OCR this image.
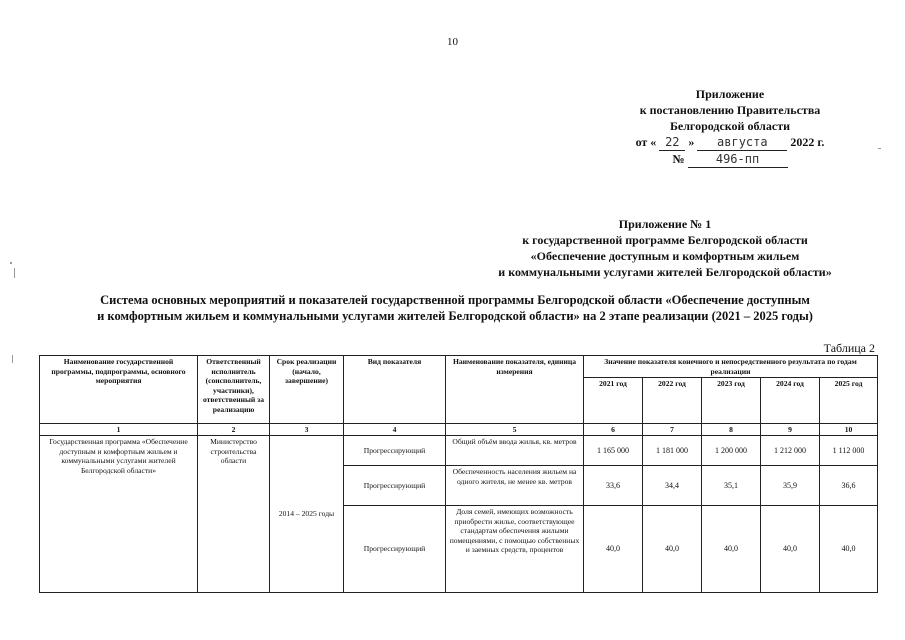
10
Приложение
к постановлению Правительства
Белгородской области
от « 22 » августа 2022 г.
№	496-пп
Приложение № 1
к государственной программе Белгородской области
«Обеспечение доступным и комфортным жильем
и коммунальными услугами жителей Белгородской области»
Система основных мероприятий и показателей государственной программы Белгородской области «Обеспечение доступным
и комфортным жильем и коммунальными услугами жителей Белгородской области» на 2 этапе реализации (2021 – 2025 годы)
Таблица 2
Наименование государственной программы, подпрограммы, основного мероприятия	Ответственный исполнитель (соисполнитель, участники), ответственный за реализацию	Срок реализации (начало, завершение)	Вид показателя	Наименование показателя, единица измерения	Значение показателя конечного и непосредственного результата по годам реализации				
					2021 год	2022 год	2023 год	2024 год	2025 год
1	2	3	4	5	6	7	8	9	10
Государственная программа «Обеспечение доступным и комфортным жильем и коммунальными услугами жителей Белгородской области»	Министерство строительства области	2014 – 2025 годы	Прогрессирующий	Общий объём ввода жилья, кв. метров	1 165 000	1 181 000	1 200 000	1 212 000	1 112 000
			Прогрессирующий	Обеспеченность населения жильем на одного жителя, не менее кв. метров	33,6	34,4	35,1	35,9	36,6
			Прогрессирующий	Доля семей, имеющих возможность приобрести жилье, соответствующее стандартам обеспечения жилыми помещениями, с помощью собственных и заемных средств, процентов	40,0	40,0	40,0	40,0	40,0
